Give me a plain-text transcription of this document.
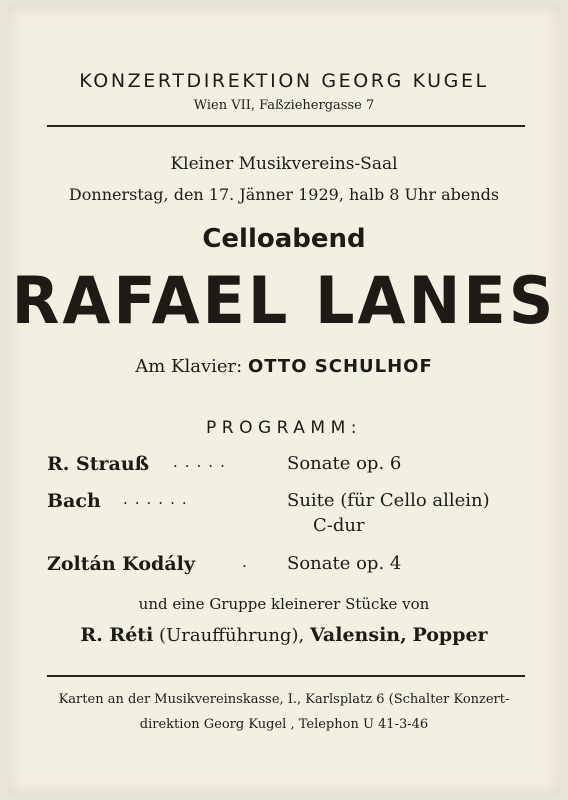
KONZERTDIREKTION GEORG KUGEL
Wien VII, Faßziehergasse 7
Kleiner Musikvereins-Saal
Donnerstag, den 17. Jänner 1929, halb 8 Uhr abends
Celloabend
RAFAEL LANES
Am Klavier: OTTO SCHULHOF
PROGRAMM:
R. Strauß .....	Sonate op. 6
Bach ......	Suite (für Cello allein)
C-dur
Zoltán Kodály	. Sonate op. 4
und eine Gruppe kleinerer Stücke von
R. Réti (Uraufführung), Valensin, Popper
Karten an der Musikvereinskasse, I., Karlsplatz 6 (Schalter Konzert-
direktion Georg Kugel , Telephon U 41-3-46
